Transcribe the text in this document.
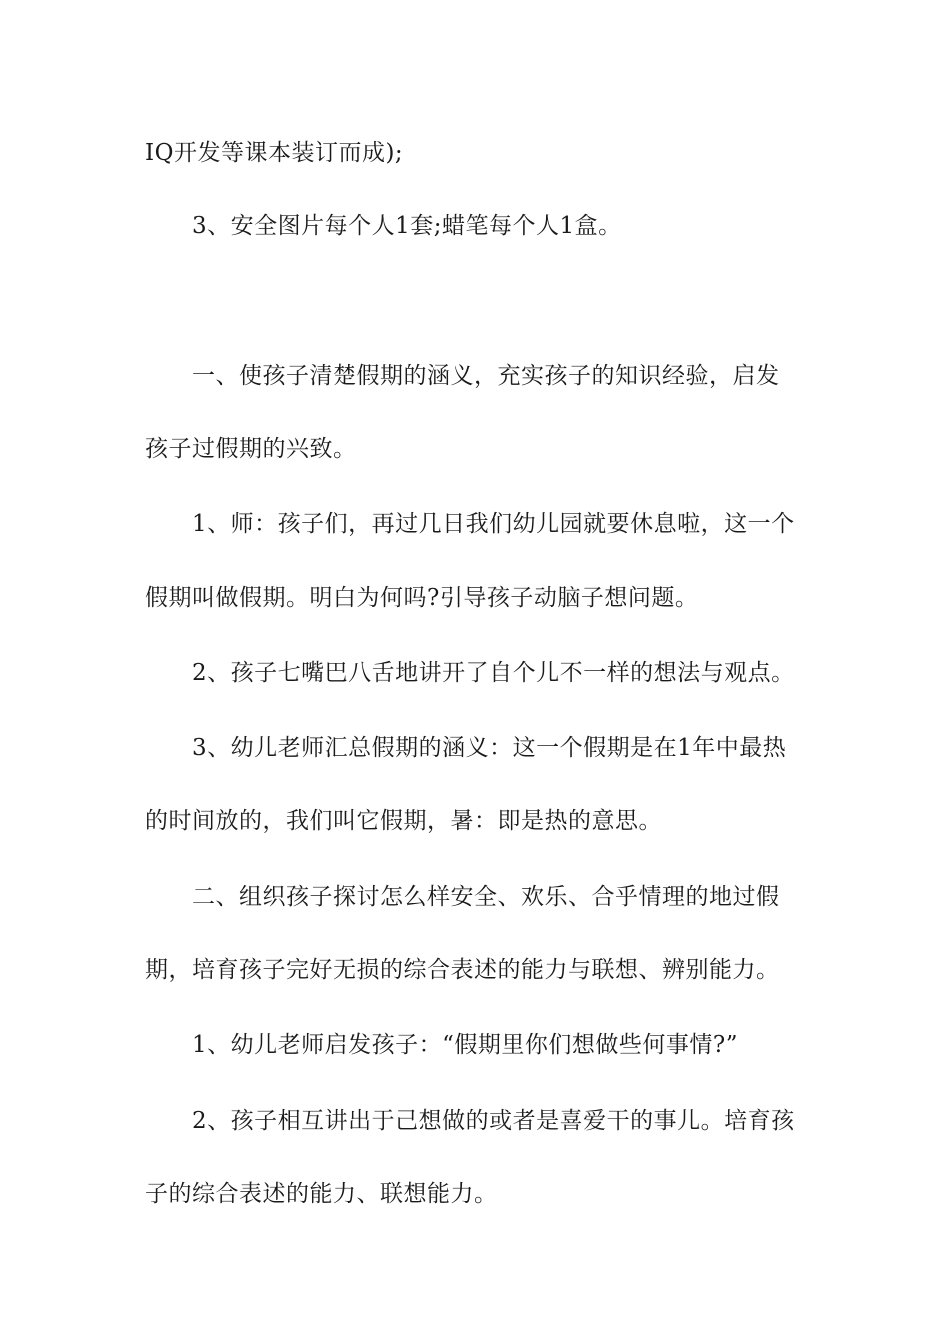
IQ开发等课本装订而成);
3、安全图片每个人1套;蜡笔每个人1盒。
一、使孩子清楚假期的涵义，充实孩子的知识经验，启发
孩子过假期的兴致。
1、师：孩子们，再过几日我们幼儿园就要休息啦，这一个
假期叫做假期。明白为何吗?引导孩子动脑子想问题。
2、孩子七嘴巴八舌地讲开了自个儿不一样的想法与观点。
3、幼儿老师汇总假期的涵义：这一个假期是在1年中最热
的时间放的，我们叫它假期，暑：即是热的意思。
二、组织孩子探讨怎么样安全、欢乐、合乎情理的地过假
期，培育孩子完好无损的综合表述的能力与联想、辨别能力。
1、幼儿老师启发孩子：“假期里你们想做些何事情?”
2、孩子相互讲出于己想做的或者是喜爱干的事儿。培育孩
子的综合表述的能力、联想能力。
